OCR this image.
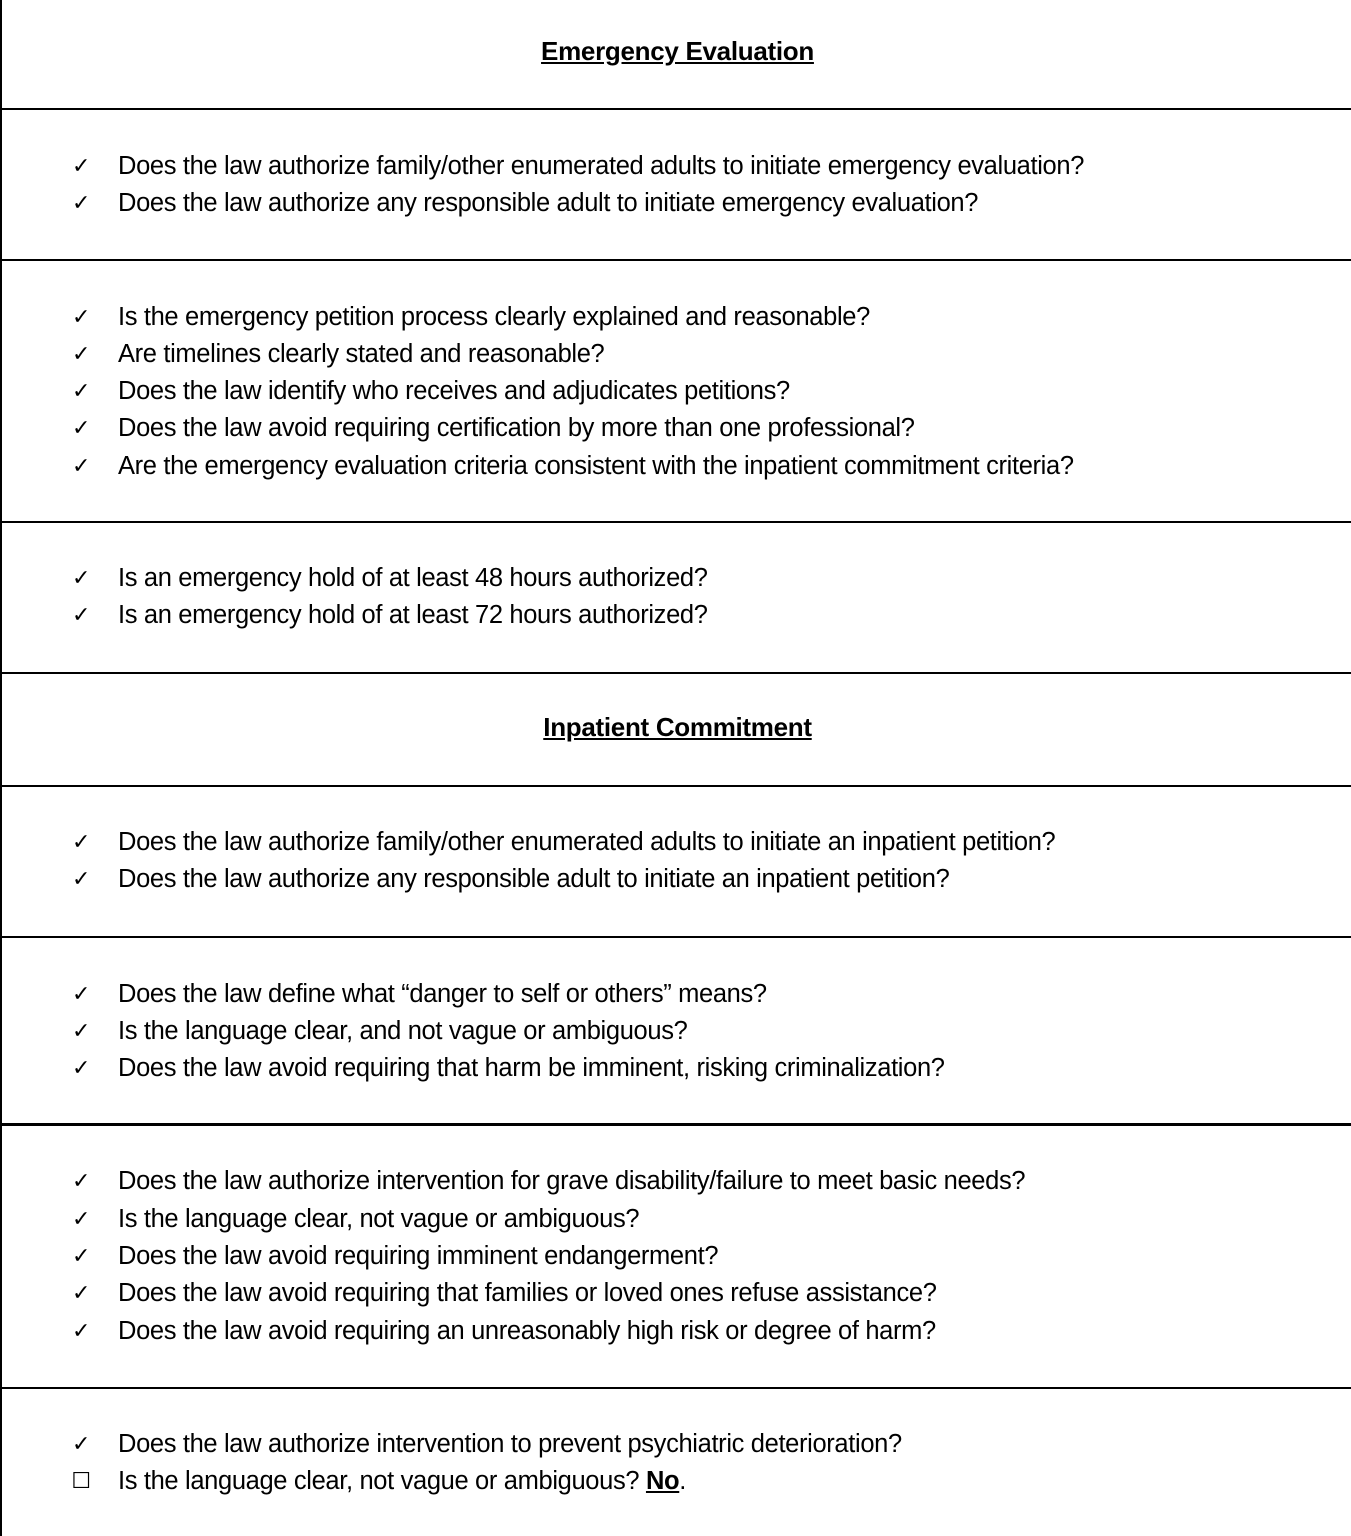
Emergency Evaluation
✓ Does the law authorize family/other enumerated adults to initiate emergency evaluation?
✓ Does the law authorize any responsible adult to initiate emergency evaluation?
✓ Is the emergency petition process clearly explained and reasonable?
✓ Are timelines clearly stated and reasonable?
✓ Does the law identify who receives and adjudicates petitions?
✓ Does the law avoid requiring certification by more than one professional?
✓ Are the emergency evaluation criteria consistent with the inpatient commitment criteria?
✓ Is an emergency hold of at least 48 hours authorized?
✓ Is an emergency hold of at least 72 hours authorized?
Inpatient Commitment
✓ Does the law authorize family/other enumerated adults to initiate an inpatient petition?
✓ Does the law authorize any responsible adult to initiate an inpatient petition?
✓ Does the law define what “danger to self or others” means?
✓ Is the language clear, and not vague or ambiguous?
✓ Does the law avoid requiring that harm be imminent, risking criminalization?
✓ Does the law authorize intervention for grave disability/failure to meet basic needs?
✓ Is the language clear, not vague or ambiguous?
✓ Does the law avoid requiring imminent endangerment?
✓ Does the law avoid requiring that families or loved ones refuse assistance?
✓ Does the law avoid requiring an unreasonably high risk or degree of harm?
✓ Does the law authorize intervention to prevent psychiatric deterioration?
☐ Is the language clear, not vague or ambiguous? No.
